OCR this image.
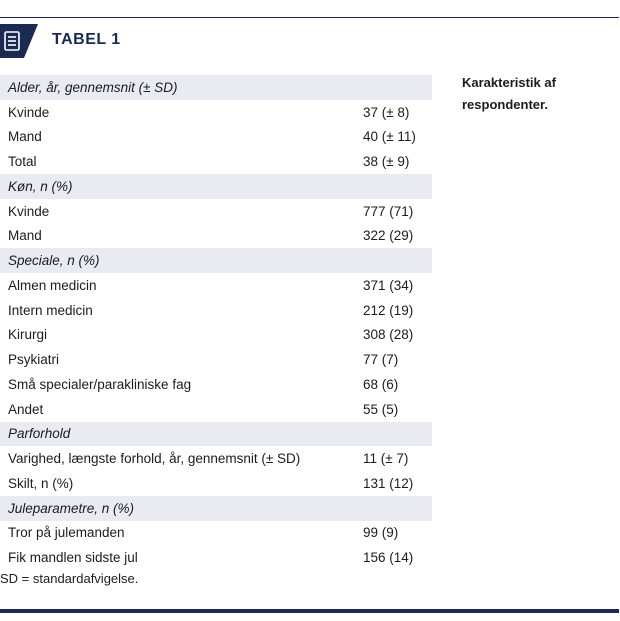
TABEL 1
Karakteristik af respondenter.
Alder, år, gennemsnit (± SD)
Kvinde	37 (± 8)
Mand	40 (± 11)
Total	38 (± 9)
Køn, n (%)
Kvinde	777 (71)
Mand	322 (29)
Speciale, n (%)
Almen medicin	371 (34)
Intern medicin	212 (19)
Kirurgi	308 (28)
Psykiatri	77 (7)
Små specialer/parakliniske fag	68 (6)
Andet	55 (5)
Parforhold
Varighed, længste forhold, år, gennemsnit (± SD)	11 (± 7)
Skilt, n (%)	131 (12)
Juleparametre, n (%)
Tror på julemanden	99 (9)
Fik mandlen sidste jul	156 (14)
SD = standardafvigelse.
